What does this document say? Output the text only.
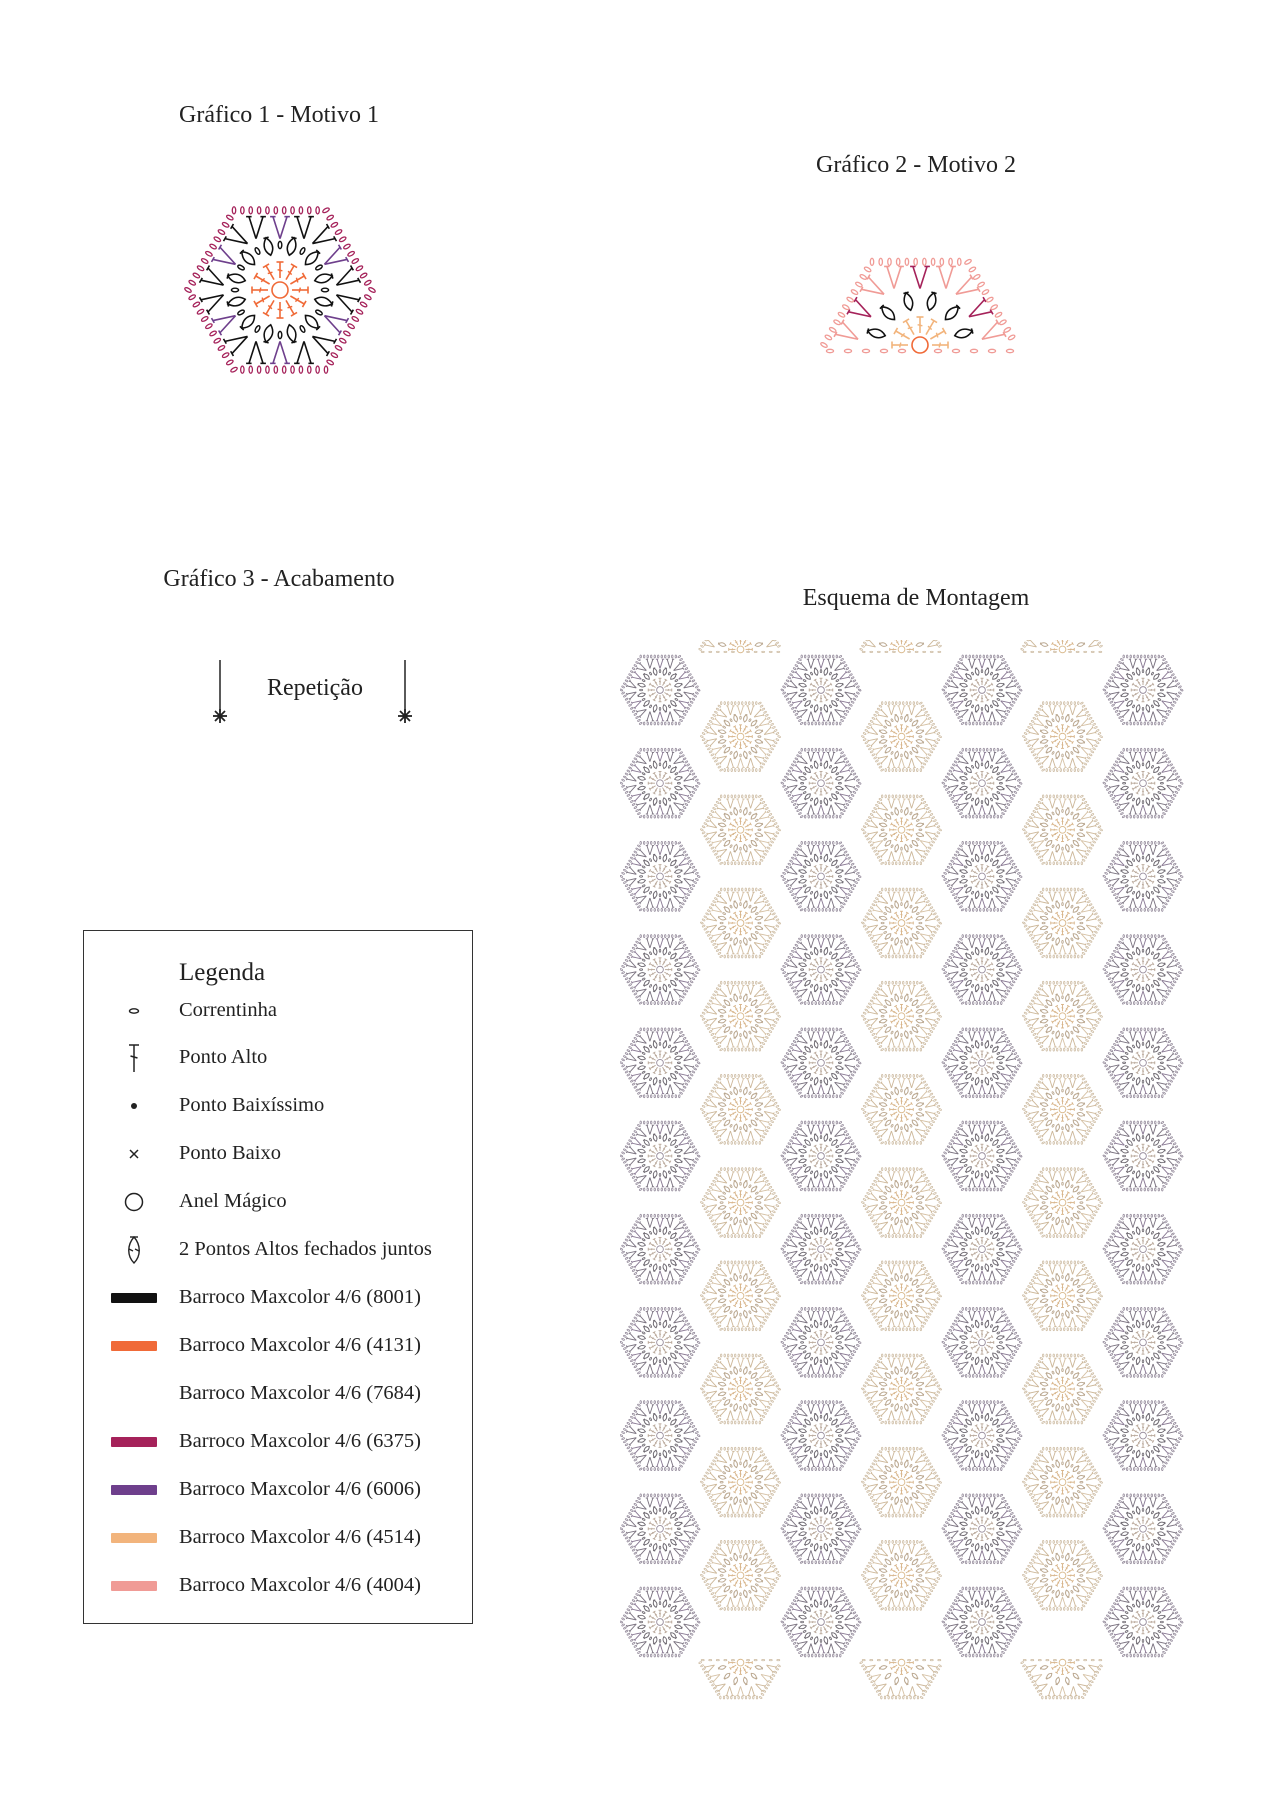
Gráfico 1 - Motivo 1
Gráfico 2 - Motivo 2
Gráfico 3 - Acabamento
Esquema de Montagem
Repetição
Legenda
Correntinha
Ponto Alto
Ponto Baixíssimo
Ponto Baixo
Anel Mágico
2 Pontos Altos fechados juntos
Barroco Maxcolor 4/6 (8001)
Barroco Maxcolor 4/6 (4131)
Barroco Maxcolor 4/6 (7684)
Barroco Maxcolor 4/6 (6375)
Barroco Maxcolor 4/6 (6006)
Barroco Maxcolor 4/6 (4514)
Barroco Maxcolor 4/6 (4004)
